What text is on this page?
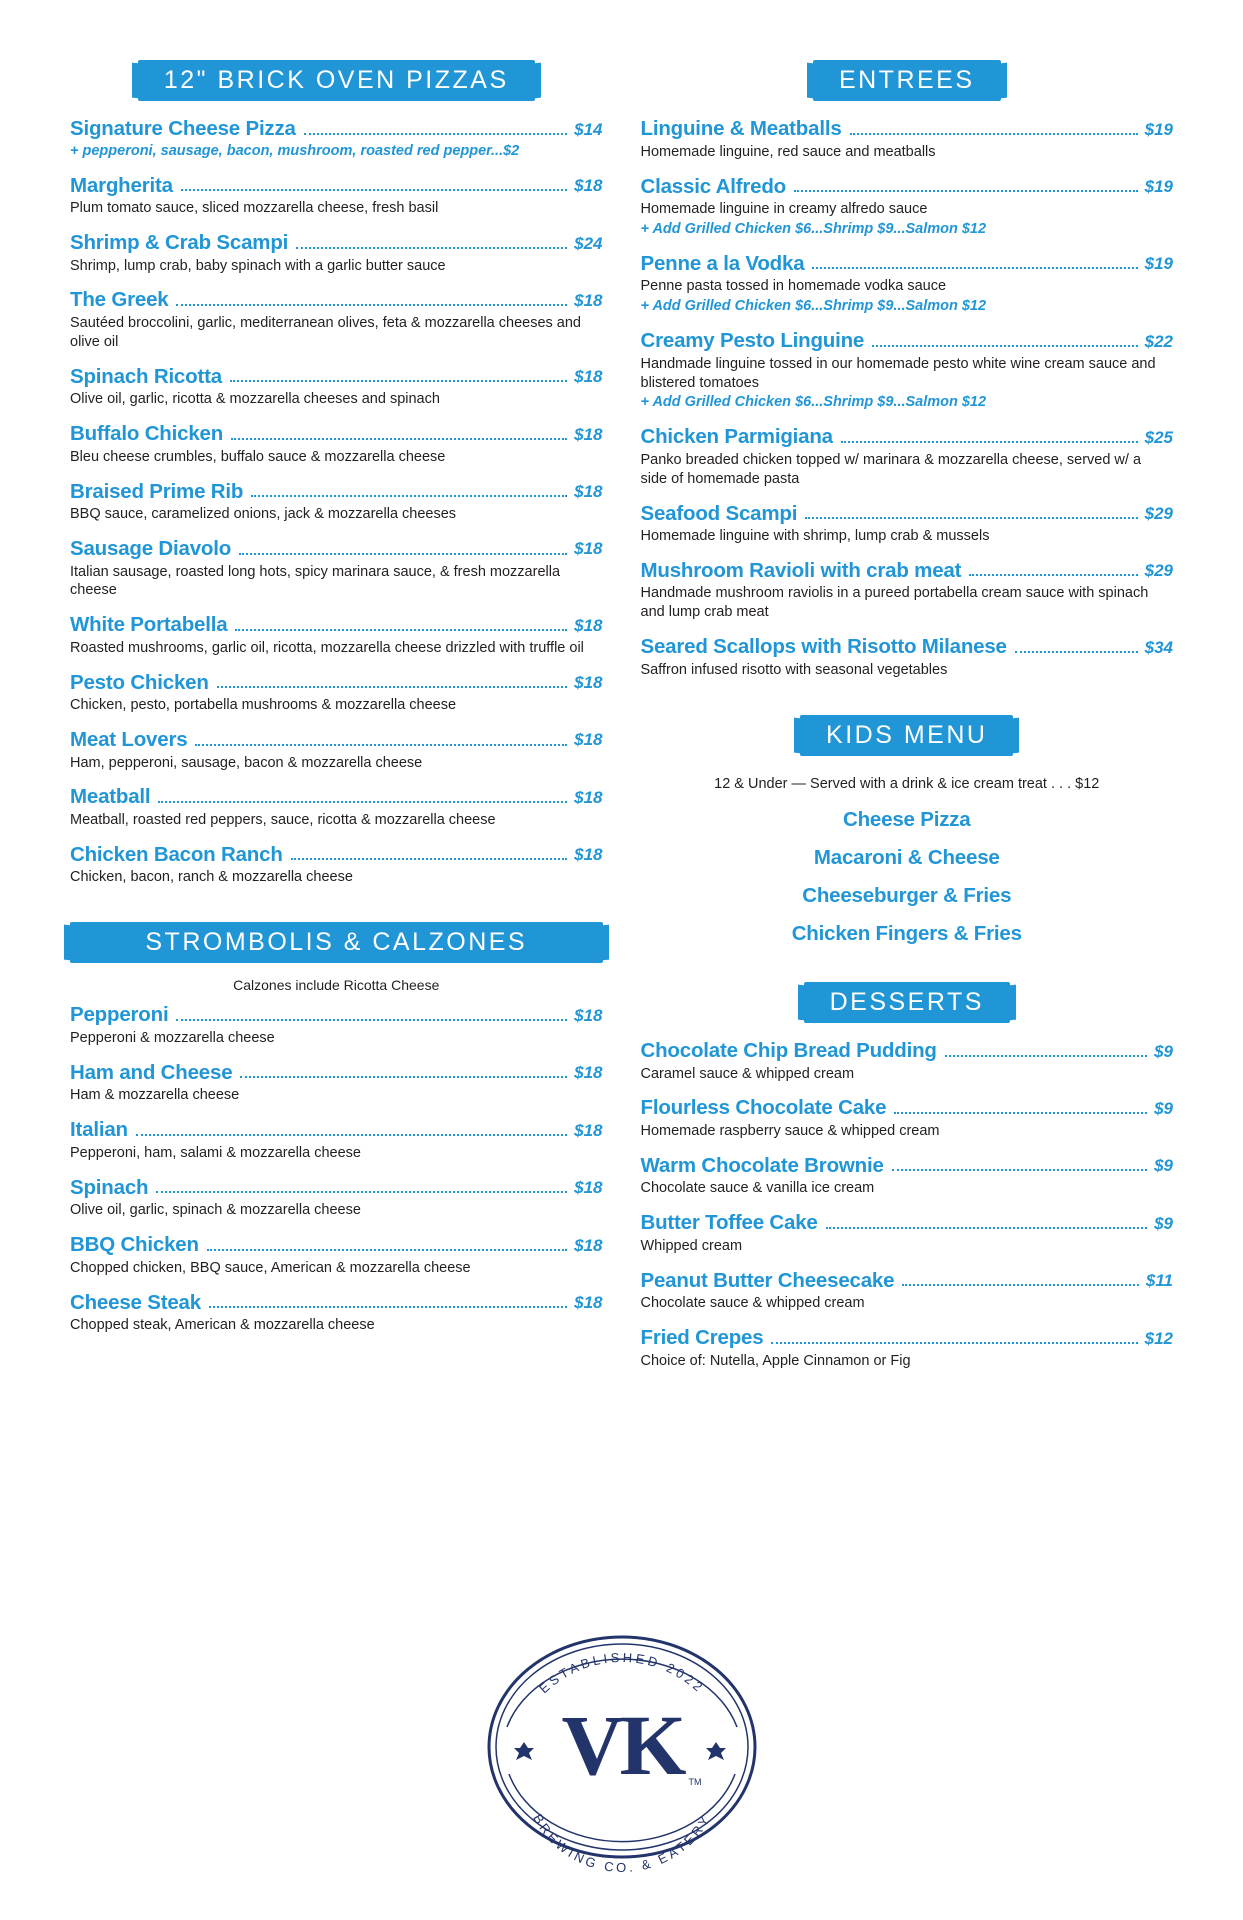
12" BRICK OVEN PIZZAS
Signature Cheese Pizza	$14
+ pepperoni, sausage, bacon, mushroom, roasted red pepper...$2
Margherita	$18
Plum tomato sauce, sliced mozzarella cheese, fresh basil
Shrimp & Crab Scampi	$24
Shrimp, lump crab, baby spinach with a garlic butter sauce
The Greek	$18
Sautéed broccolini, garlic, mediterranean olives, feta & mozzarella cheeses and olive oil
Spinach Ricotta	$18
Olive oil, garlic, ricotta & mozzarella cheeses and spinach
Buffalo Chicken	$18
Bleu cheese crumbles, buffalo sauce & mozzarella cheese
Braised Prime Rib	$18
BBQ sauce, caramelized onions, jack & mozzarella cheeses
Sausage Diavolo	$18
Italian sausage, roasted long hots, spicy marinara sauce, & fresh mozzarella cheese
White Portabella	$18
Roasted mushrooms, garlic oil, ricotta, mozzarella cheese drizzled with truffle oil
Pesto Chicken	$18
Chicken, pesto, portabella mushrooms & mozzarella cheese
Meat Lovers	$18
Ham, pepperoni, sausage, bacon & mozzarella cheese
Meatball	$18
Meatball, roasted red peppers, sauce, ricotta & mozzarella cheese
Chicken Bacon Ranch	$18
Chicken, bacon, ranch & mozzarella cheese
STROMBOLIS & CALZONES
Calzones include Ricotta Cheese
Pepperoni	$18
Pepperoni & mozzarella cheese
Ham and Cheese	$18
Ham & mozzarella cheese
Italian	$18
Pepperoni, ham, salami & mozzarella cheese
Spinach	$18
Olive oil, garlic, spinach & mozzarella cheese
BBQ Chicken	$18
Chopped chicken, BBQ sauce, American & mozzarella cheese
Cheese Steak	$18
Chopped steak, American & mozzarella cheese
ENTREES
Linguine & Meatballs	$19
Homemade linguine, red sauce and meatballs
Classic Alfredo	$19
Homemade linguine in creamy alfredo sauce
+ Add Grilled Chicken $6...Shrimp $9...Salmon $12
Penne a la Vodka	$19
Penne pasta tossed in homemade vodka sauce
+ Add Grilled Chicken $6...Shrimp $9...Salmon $12
Creamy Pesto Linguine	$22
Handmade linguine tossed in our homemade pesto white wine cream sauce and blistered tomatoes
+ Add Grilled Chicken $6...Shrimp $9...Salmon $12
Chicken Parmigiana	$25
Panko breaded chicken topped w/ marinara & mozzarella cheese, served w/ a side of homemade pasta
Seafood Scampi	$29
Homemade linguine with shrimp, lump crab & mussels
Mushroom Ravioli with crab meat	$29
Handmade mushroom raviolis in a pureed portabella cream sauce with spinach and lump crab meat
Seared Scallops with Risotto Milanese	$34
Saffron infused risotto with seasonal vegetables
KIDS MENU
12 & Under — Served with a drink & ice cream treat . . . $12
Cheese Pizza
Macaroni & Cheese
Cheeseburger & Fries
Chicken Fingers & Fries
DESSERTS
Chocolate Chip Bread Pudding	$9
Caramel sauce & whipped cream
Flourless Chocolate Cake	$9
Homemade raspberry sauce & whipped cream
Warm Chocolate Brownie	$9
Chocolate sauce & vanilla ice cream
Butter Toffee Cake	$9
Whipped cream
Peanut Butter Cheesecake	$11
Chocolate sauce & whipped cream
Fried Crepes	$12
Choice of: Nutella, Apple Cinnamon or Fig
ESTABLISHED 2022
BREWING CO. & EATERY
VK TM
